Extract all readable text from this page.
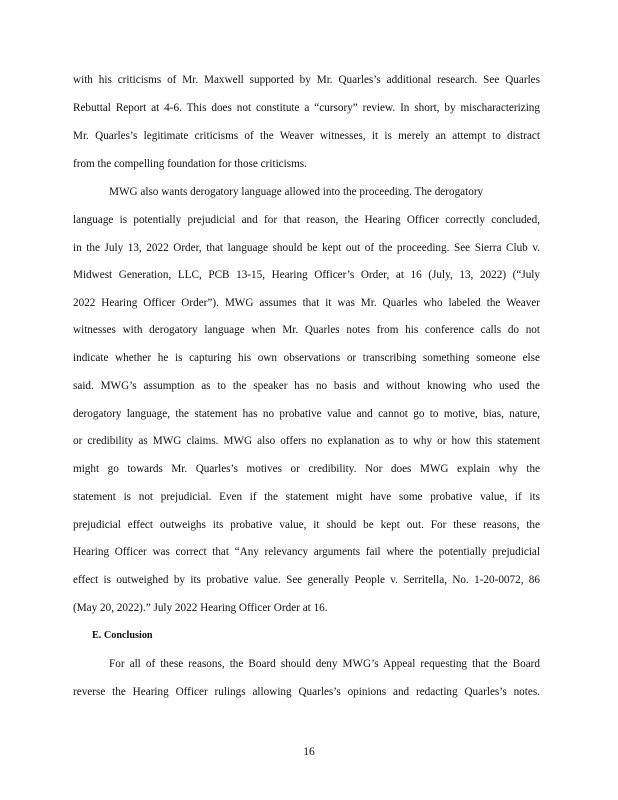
with his criticisms of Mr. Maxwell supported by Mr. Quarles’s additional research. See Quarles
Rebuttal Report at 4-6. This does not constitute a “cursory” review. In short, by mischaracterizing
Mr. Quarles’s legitimate criticisms of the Weaver witnesses, it is merely an attempt to distract
from the compelling foundation for those criticisms.
MWG also wants derogatory language allowed into the proceeding. The derogatory
language is potentially prejudicial and for that reason, the Hearing Officer correctly concluded,
in the July 13, 2022 Order, that language should be kept out of the proceeding. See Sierra Club v.
Midwest Generation, LLC, PCB 13-15, Hearing Officer’s Order, at 16 (July, 13, 2022) (“July
2022 Hearing Officer Order”). MWG assumes that it was Mr. Quarles who labeled the Weaver
witnesses with derogatory language when Mr. Quarles notes from his conference calls do not
indicate whether he is capturing his own observations or transcribing something someone else
said. MWG’s assumption as to the speaker has no basis and without knowing who used the
derogatory language, the statement has no probative value and cannot go to motive, bias, nature,
or credibility as MWG claims. MWG also offers no explanation as to why or how this statement
might go towards Mr. Quarles’s motives or credibility. Nor does MWG explain why the
statement is not prejudicial. Even if the statement might have some probative value, if its
prejudicial effect outweighs its probative value, it should be kept out. For these reasons, the
Hearing Officer was correct that “Any relevancy arguments fail where the potentially prejudicial
effect is outweighed by its probative value. See generally People v. Serritella, No. 1-20-0072, 86
(May 20, 2022).” July 2022 Hearing Officer Order at 16.
E. Conclusion
For all of these reasons, the Board should deny MWG’s Appeal requesting that the Board
reverse the Hearing Officer rulings allowing Quarles’s opinions and redacting Quarles’s notes.
16
